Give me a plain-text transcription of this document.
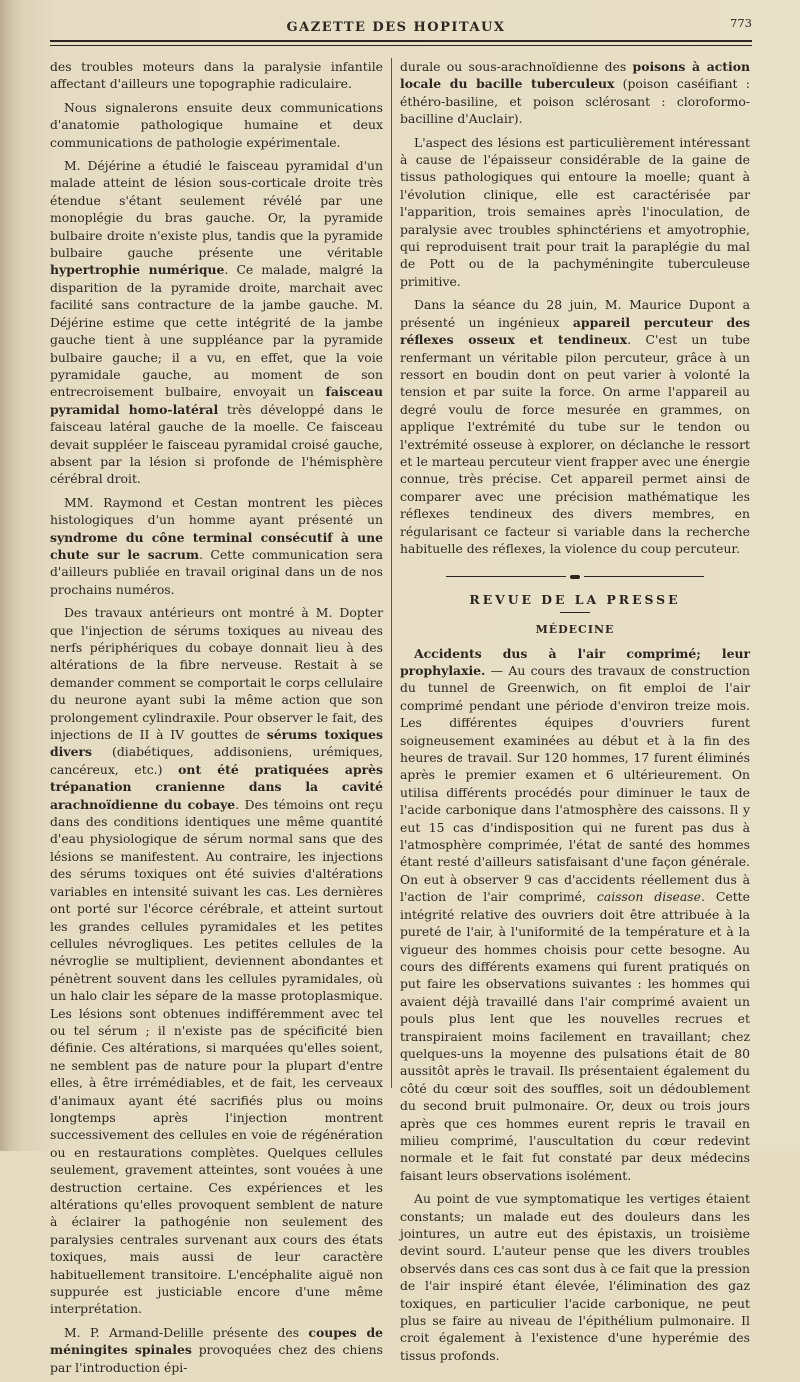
GAZETTE DES HOPITAUX	773

des troubles moteurs dans la paralysie infantile affectant d'ailleurs une topographie radiculaire.

Nous signalerons ensuite deux communications d'anatomie pathologique humaine et deux communications de pathologie expérimentale.

M. Déjérine a étudié le faisceau pyramidal d'un malade atteint de lésion sous-corticale droite très étendue s'étant seulement révélé par une monoplégie du bras gauche. Or, la pyramide bulbaire droite n'existe plus, tandis que la pyramide bulbaire gauche présente une véritable hypertrophie numérique. Ce malade, malgré la disparition de la pyramide droite, marchait avec facilité sans contracture de la jambe gauche. M. Déjérine estime que cette intégrité de la jambe gauche tient à une suppléance par la pyramide bulbaire gauche; il a vu, en effet, que la voie pyramidale gauche, au moment de son entrecroisement bulbaire, envoyait un faisceau pyramidal homo-latéral très développé dans le faisceau latéral gauche de la moelle. Ce faisceau devait suppléer le faisceau pyramidal croisé gauche, absent par la lésion si profonde de l'hémisphère cérébral droit.

MM. Raymond et Cestan montrent les pièces histologiques d'un homme ayant présenté un syndrome du cône terminal consécutif à une chute sur le sacrum. Cette communication sera d'ailleurs publiée en travail original dans un de nos prochains numéros.

Des travaux antérieurs ont montré à M. Dopter que l'injection de sérums toxiques au niveau des nerfs périphériques du cobaye donnait lieu à des altérations de la fibre nerveuse. Restait à se demander comment se comportait le corps cellulaire du neurone ayant subi la même action que son prolongement cylindraxile. Pour observer le fait, des injections de II à IV gouttes de sérums toxiques divers (diabétiques, addisoniens, urémiques, cancéreux, etc.) ont été pratiquées après trépanation cranienne dans la cavité arachnoïdienne du cobaye. Des témoins ont reçu dans des conditions identiques une même quantité d'eau physiologique de sérum normal sans que des lésions se manifestent. Au contraire, les injections des sérums toxiques ont été suivies d'altérations variables en intensité suivant les cas. Les dernières ont porté sur l'écorce cérébrale, et atteint surtout les grandes cellules pyramidales et les petites cellules névrogliques. Les petites cellules de la névroglie se multiplient, deviennent abondantes et pénètrent souvent dans les cellules pyramidales, où un halo clair les sépare de la masse protoplasmique. Les lésions sont obtenues indifféremment avec tel ou tel sérum ; il n'existe pas de spécificité bien définie. Ces altérations, si marquées qu'elles soient, ne semblent pas de nature pour la plupart d'entre elles, à être irrémédiables, et de fait, les cerveaux d'animaux ayant été sacrifiés plus ou moins longtemps après l'injection montrent successivement des cellules en voie de régénération ou en restaurations complètes. Quelques cellules seulement, gravement atteintes, sont vouées à une destruction certaine. Ces expériences et les altérations qu'elles provoquent semblent de nature à éclairer la pathogénie non seulement des paralysies centrales survenant aux cours des états toxiques, mais aussi de leur caractère habituellement transitoire. L'encéphalite aiguë non suppurée est justiciable encore d'une même interprétation.

M. P. Armand-Delille présente des coupes de méningites spinales provoquées chez des chiens par l'introduction épi-

durale ou sous-arachnoïdienne des poisons à action locale du bacille tuberculeux (poison caséifiant : éthéro-basiline, et poison sclérosant : cloroformo-bacilline d'Auclair).

L'aspect des lésions est particulièrement intéressant à cause de l'épaisseur considérable de la gaine de tissus pathologiques qui entoure la moelle; quant à l'évolution clinique, elle est caractérisée par l'apparition, trois semaines après l'inoculation, de paralysie avec troubles sphinctériens et amyotrophie, qui reproduisent trait pour trait la paraplégie du mal de Pott ou de la pachyméningite tuberculeuse primitive.

Dans la séance du 28 juin, M. Maurice Dupont a présenté un ingénieux appareil percuteur des réflexes osseux et tendineux. C'est un tube renfermant un véritable pilon percuteur, grâce à un ressort en boudin dont on peut varier à volonté la tension et par suite la force. On arme l'appareil au degré voulu de force mesurée en grammes, on applique l'extrémité du tube sur le tendon ou l'extrémité osseuse à explorer, on déclanche le ressort et le marteau percuteur vient frapper avec une énergie connue, très précise. Cet appareil permet ainsi de comparer avec une précision mathématique les réflexes tendineux des divers membres, en régularisant ce facteur si variable dans la recherche habituelle des réflexes, la violence du coup percuteur.

REVUE DE LA PRESSE
MÉDECINE

Accidents dus à l'air comprimé; leur prophylaxie. — Au cours des travaux de construction du tunnel de Greenwich, on fit emploi de l'air comprimé pendant une période d'environ treize mois. Les différentes équipes d'ouvriers furent soigneusement examinées au début et à la fin des heures de travail. Sur 120 hommes, 17 furent éliminés après le premier examen et 6 ultérieurement. On utilisa différents procédés pour diminuer le taux de l'acide carbonique dans l'atmosphère des caissons. Il y eut 15 cas d'indisposition qui ne furent pas dus à l'atmosphère comprimée, l'état de santé des hommes étant resté d'ailleurs satisfaisant d'une façon générale. On eut à observer 9 cas d'accidents réellement dus à l'action de l'air comprimé, caisson disease. Cette intégrité relative des ouvriers doit être attribuée à la pureté de l'air, à l'uniformité de la température et à la vigueur des hommes choisis pour cette besogne. Au cours des différents examens qui furent pratiqués on put faire les observations suivantes : les hommes qui avaient déjà travaillé dans l'air comprimé avaient un pouls plus lent que les nouvelles recrues et transpiraient moins facilement en travaillant; chez quelques-uns la moyenne des pulsations était de 80 aussitôt après le travail. Ils présentaient également du côté du cœur soit des souffles, soit un dédoublement du second bruit pulmonaire. Or, deux ou trois jours après que ces hommes eurent repris le travail en milieu comprimé, l'auscultation du cœur redevint normale et le fait fut constaté par deux médecins faisant leurs observations isolément.

Au point de vue symptomatique les vertiges étaient constants; un malade eut des douleurs dans les jointures, un autre eut des épistaxis, un troisième devint sourd. L'auteur pense que les divers troubles observés dans ces cas sont dus à ce fait que la pression de l'air inspiré étant élevée, l'élimination des gaz toxiques, en particulier l'acide carbonique, ne peut plus se faire au niveau de l'épithélium pulmonaire. Il croit également à l'existence d'une hyperémie des tissus profonds.
